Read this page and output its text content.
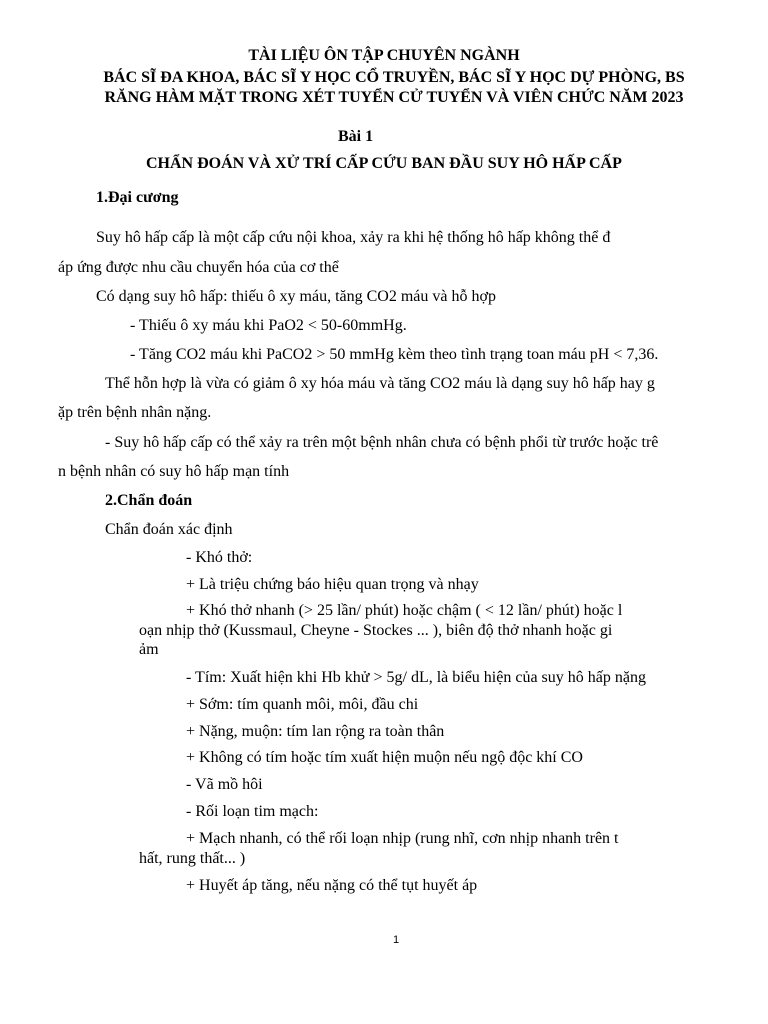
TÀI LIỆU ÔN TẬP CHUYÊN NGÀNH
BÁC SĨ ĐA KHOA, BÁC SĨ Y HỌC CỔ TRUYỀN, BÁC SĨ Y HỌC DỰ PHÒNG, BS
RĂNG HÀM MẶT TRONG XÉT TUYỂN CỬ TUYỂN VÀ VIÊN CHỨC NĂM 2023
Bài 1
CHẨN ĐOÁN VÀ XỬ TRÍ CẤP CỨU BAN ĐẦU SUY HÔ HẤP CẤP
1.Đại cương
Suy hô hấp cấp là một cấp cứu nội khoa, xảy ra khi hệ thống hô hấp không thể đ
áp ứng được nhu cầu chuyển hóa của cơ thể
Có dạng suy hô hấp: thiếu ô xy máu, tăng CO2 máu và hỗ hợp
- Thiếu ô xy máu khi PaO2 < 50-60mmHg.
- Tăng CO2 máu khi PaCO2 > 50 mmHg kèm theo tình trạng toan máu pH < 7,36.
Thể hỗn hợp là vừa có giảm ô xy hóa máu và tăng CO2 máu là dạng suy hô hấp hay g
ặp trên bệnh nhân nặng.
- Suy hô hấp cấp có thể xảy ra trên một bệnh nhân chưa có bệnh phổi từ trước hoặc trê
n bệnh nhân có suy hô hấp mạn tính
2.Chẩn đoán
Chẩn đoán xác định
- Khó thở:
+ Là triệu chứng báo hiệu quan trọng và nhạy
+ Khó thở nhanh (> 25 lần/ phút) hoặc chậm ( < 12 lần/ phút) hoặc l
oạn nhịp thở (Kussmaul, Cheyne - Stockes ... ), biên độ thở nhanh hoặc gi
ảm
- Tím: Xuất hiện khi Hb khử > 5g/ dL, là biểu hiện của suy hô hấp nặng
+ Sớm: tím quanh môi, môi, đầu chi
+ Nặng, muộn: tím lan rộng ra toàn thân
+ Không có tím hoặc tím xuất hiện muộn nếu ngộ độc khí CO
- Vã mồ hôi
- Rối loạn tim mạch:
+ Mạch nhanh, có thể rối loạn nhịp (rung nhĩ, cơn nhịp nhanh trên t
hất, rung thất... )
+ Huyết áp tăng, nếu nặng có thể tụt huyết áp
1
